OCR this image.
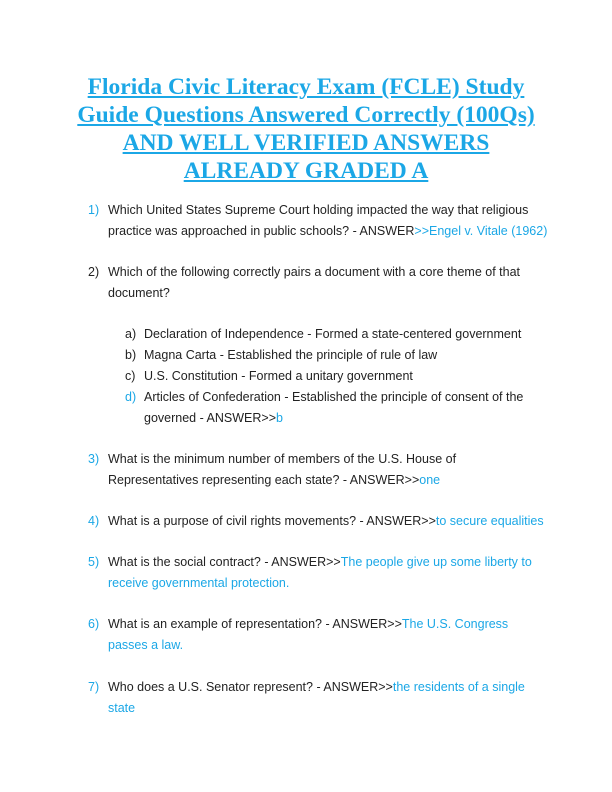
Florida Civic Literacy Exam (FCLE) Study
Guide Questions Answered Correctly (100Qs)
AND WELL VERIFIED ANSWERS
ALREADY GRADED A

1) Which United States Supreme Court holding impacted the way that religious practice was approached in public schools? - ANSWER>>Engel v. Vitale (1962)

2) Which of the following correctly pairs a document with a core theme of that document?

a) Declaration of Independence - Formed a state-centered government

b) Magna Carta - Established the principle of rule of law

c) U.S. Constitution - Formed a unitary government

d) Articles of Confederation - Established the principle of consent of the governed - ANSWER>>b

3) What is the minimum number of members of the U.S. House of Representatives representing each state? - ANSWER>>one

4) What is a purpose of civil rights movements? - ANSWER>>to secure equalities

5) What is the social contract? - ANSWER>>The people give up some liberty to receive governmental protection.

6) What is an example of representation? - ANSWER>>The U.S. Congress passes a law.

7) Who does a U.S. Senator represent? - ANSWER>>the residents of a single state
